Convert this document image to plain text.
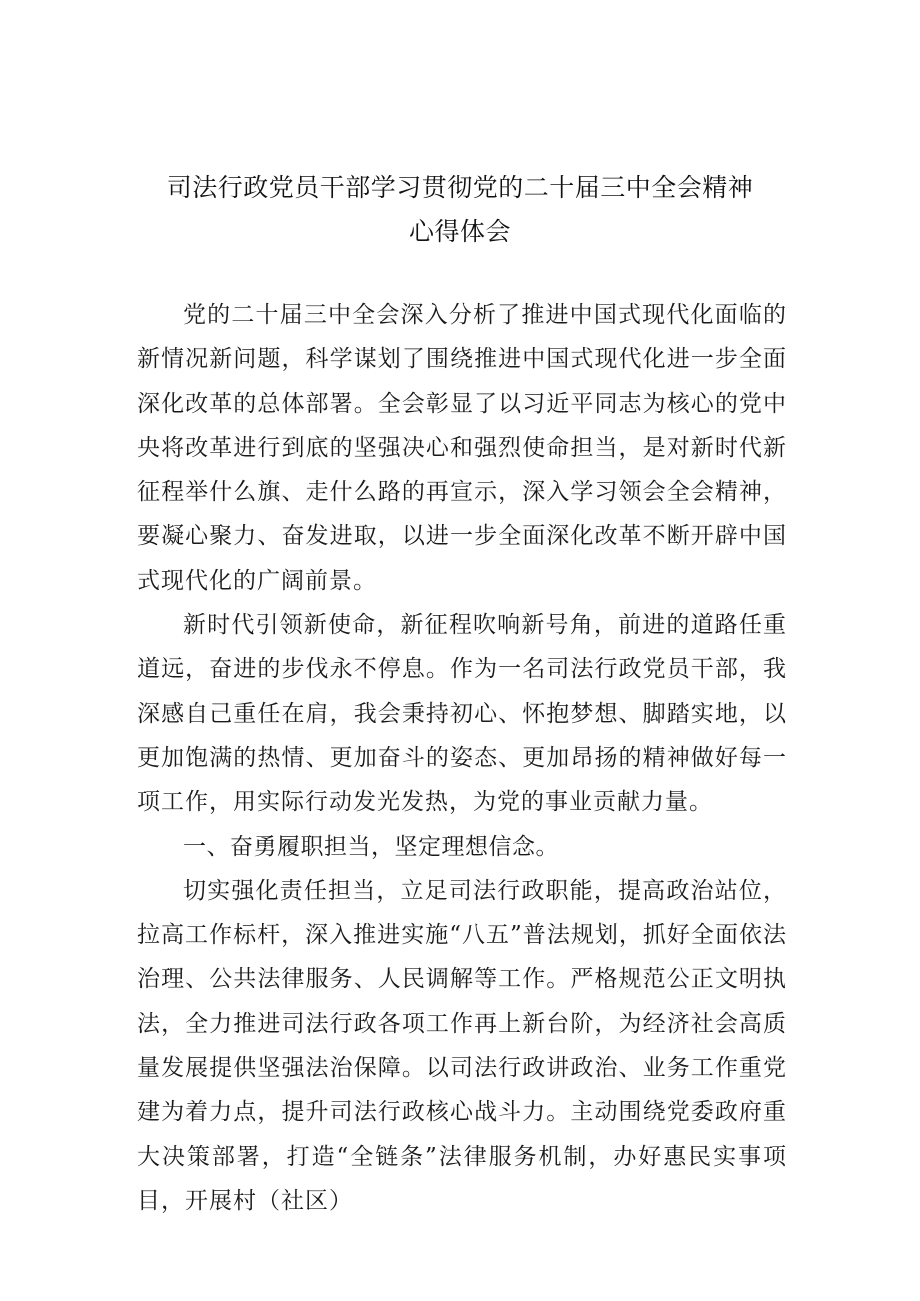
司法行政党员干部学习贯彻党的二十届三中全会精神
心得体会

党的二十届三中全会深入分析了推进中国式现代化面临的新情况新问题，科学谋划了围绕推进中国式现代化进一步全面深化改革的总体部署。全会彰显了以习近平同志为核心的党中央将改革进行到底的坚强决心和强烈使命担当，是对新时代新征程举什么旗、走什么路的再宣示，深入学习领会全会精神，要凝心聚力、奋发进取，以进一步全面深化改革不断开辟中国式现代化的广阔前景。

新时代引领新使命，新征程吹响新号角，前进的道路任重道远，奋进的步伐永不停息。作为一名司法行政党员干部，我深感自己重任在肩，我会秉持初心、怀抱梦想、脚踏实地，以更加饱满的热情、更加奋斗的姿态、更加昂扬的精神做好每一项工作，用实际行动发光发热，为党的事业贡献力量。

一、奋勇履职担当，坚定理想信念。

切实强化责任担当，立足司法行政职能，提高政治站位，拉高工作标杆，深入推进实施“八五”普法规划，抓好全面依法治理、公共法律服务、人民调解等工作。严格规范公正文明执法，全力推进司法行政各项工作再上新台阶，为经济社会高质量发展提供坚强法治保障。以司法行政讲政治、业务工作重党建为着力点，提升司法行政核心战斗力。主动围绕党委政府重大决策部署，打造“全链条”法律服务机制，办好惠民实事项目，开展村（社区）
